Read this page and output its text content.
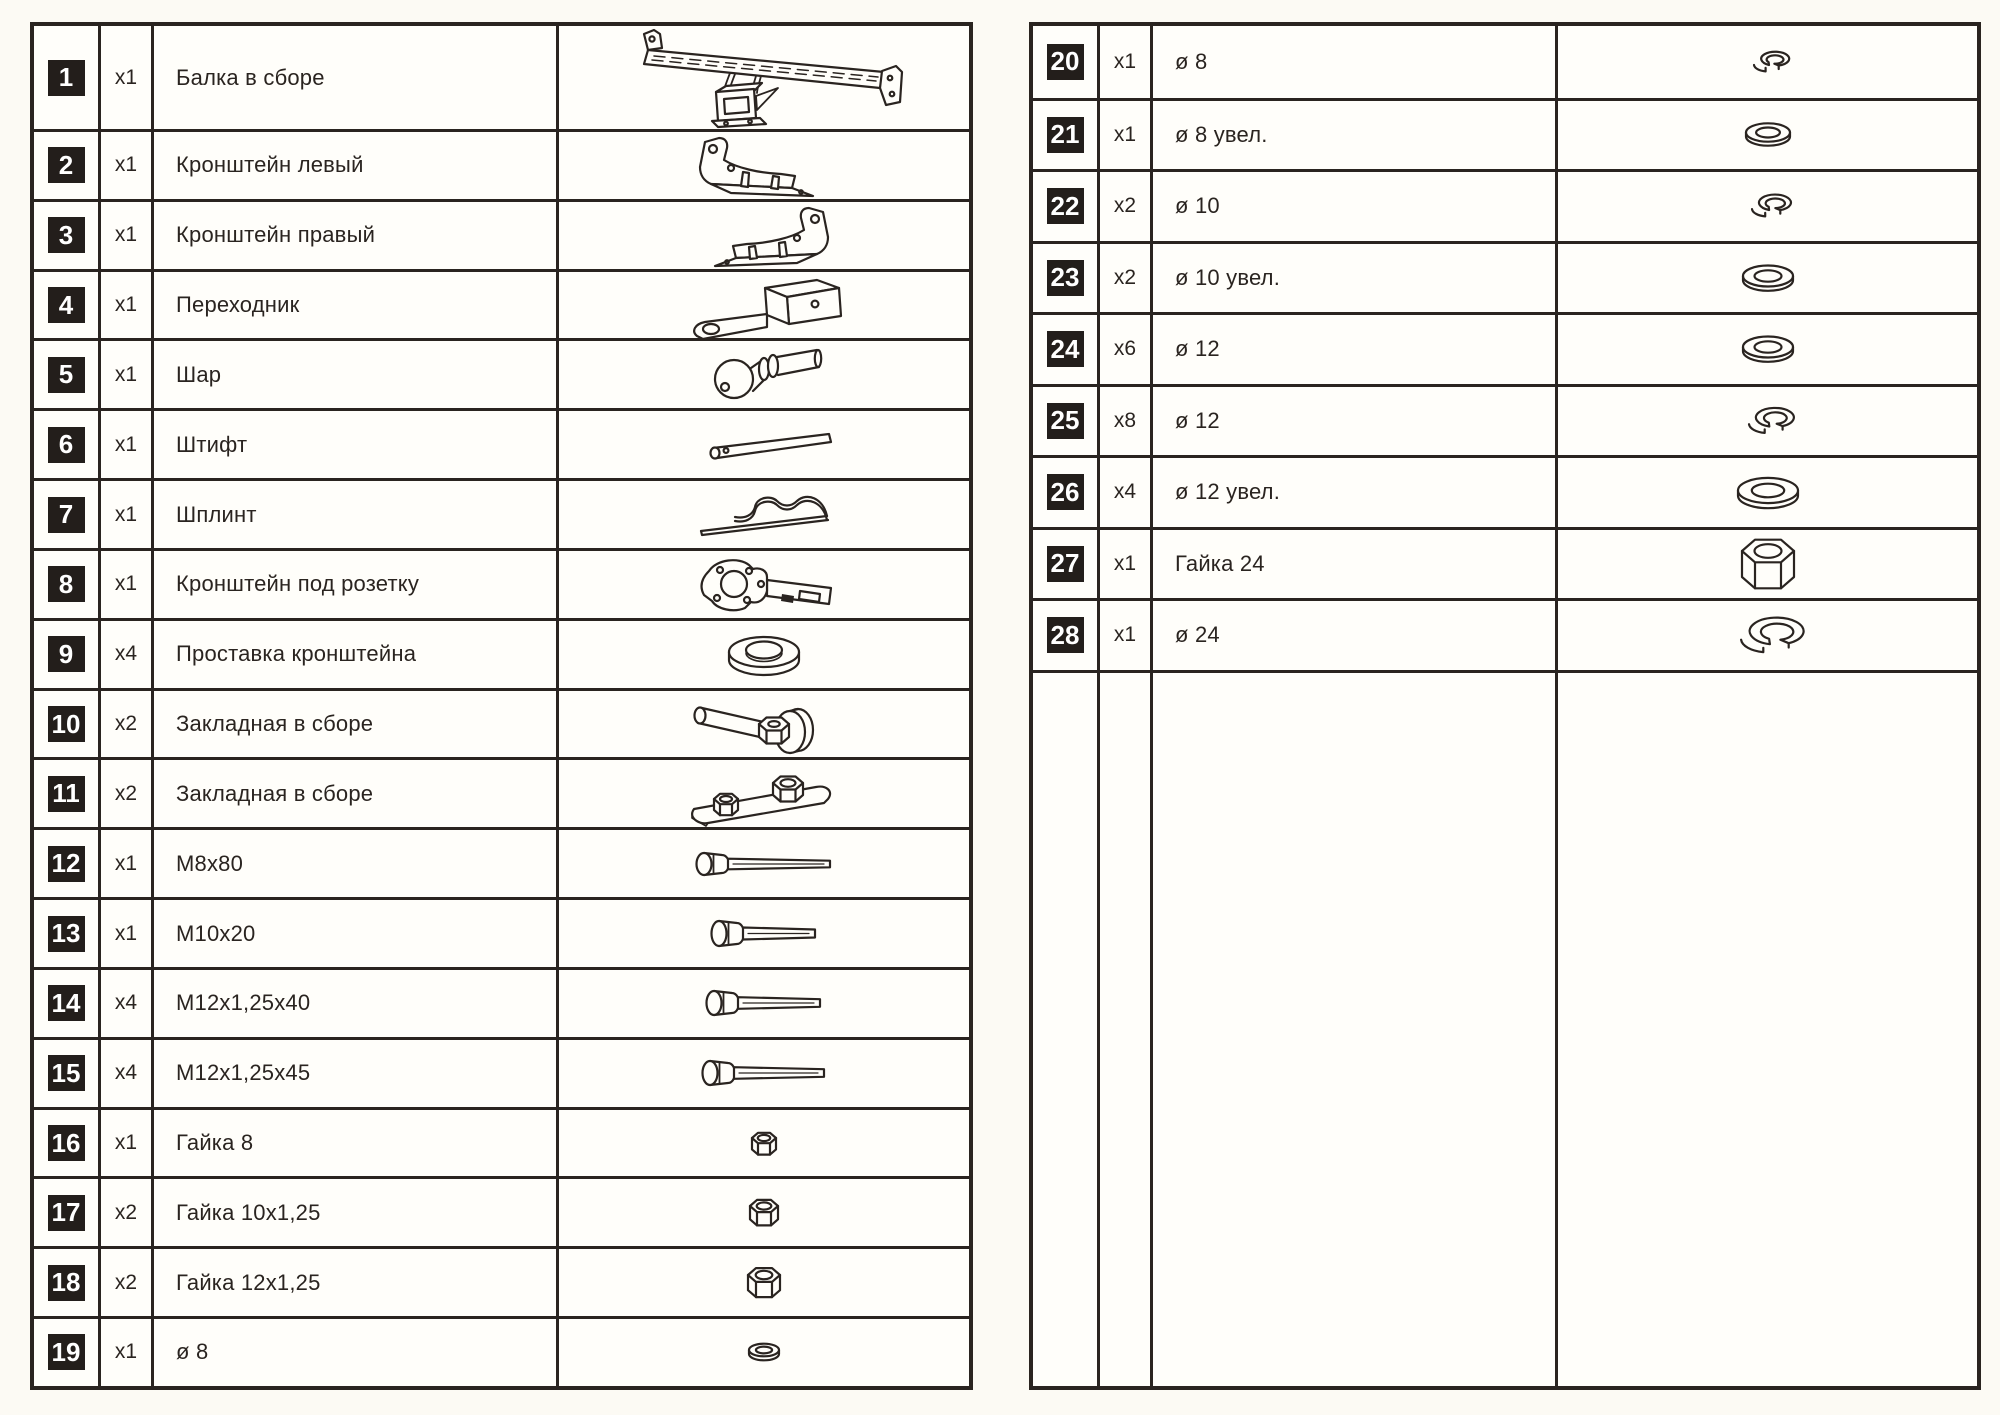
1	x1 Балка в сборе
2	x1 Кронштейн левый
3	x1 Кронштейн правый
4	x1 Переходник
5	x1 Шар
6	x1 Штифт
7	x1 Шплинт
8	x1 Кронштейн под розетку
9	x4 Проставка кронштейна
10 x2 Закладная в сборе
11 x2 Закладная в сборе
12 x1 M8x80
13 x1 M10x20
14 x4 M12x1,25x40
15 x4 M12x1,25x45
16 x1 Гайка 8
17 x2 Гайка 10x1,25
18 x2 Гайка 12x1,25
19 x1 ø 8
20 x1 ø 8
21 x1 ø 8 увел.
22 x2 ø 10
23 x2 ø 10 увел.
24 x6 ø 12
25 x8 ø 12
26 x4 ø 12 увел.
27 x1 Гайка 24
28 x1 ø 24
